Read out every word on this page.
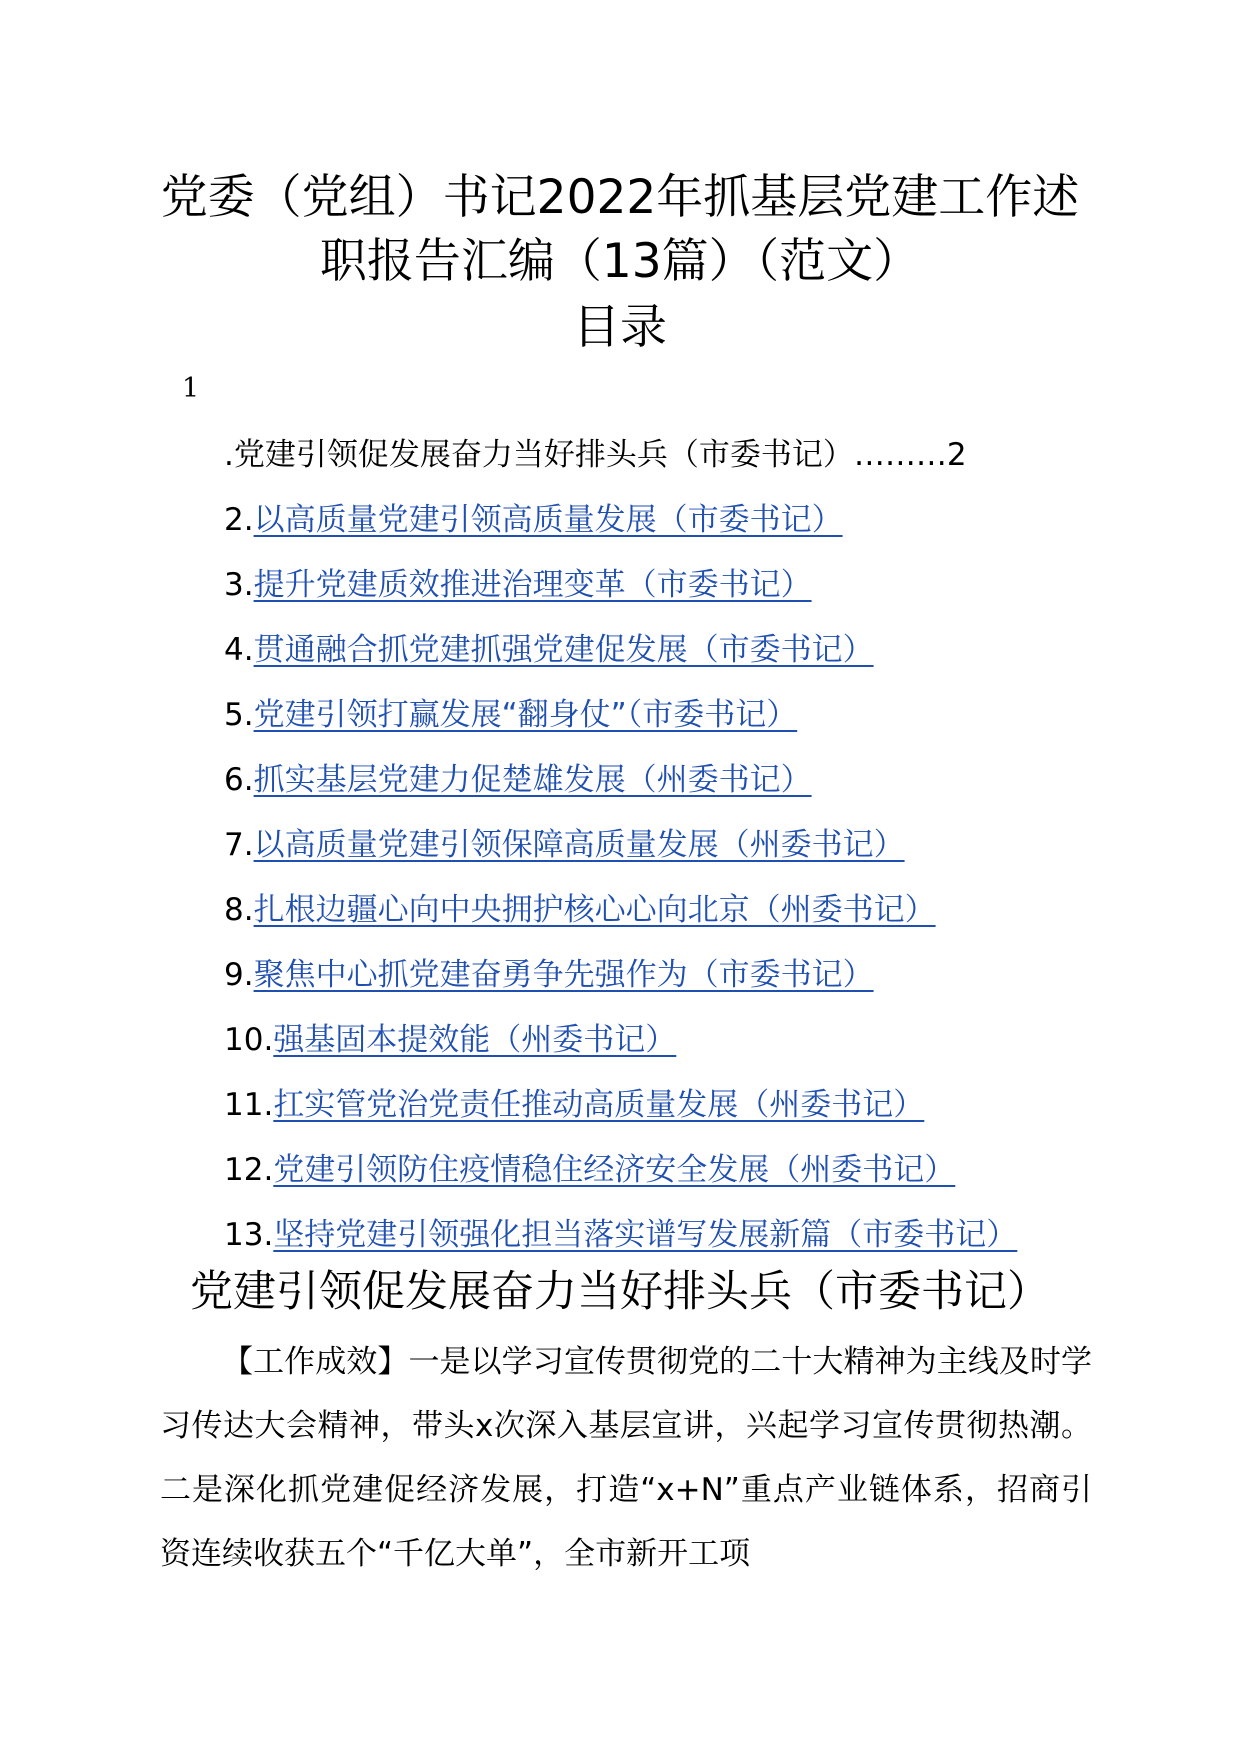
党委（党组）书记2022年抓基层党建工作述
职报告汇编（13篇）（范文）
目录
1
.党建引领促发展奋力当好排头兵（市委书记）………2
2.以高质量党建引领高质量发展（市委书记）
3.提升党建质效推进治理变革（市委书记）
4.贯通融合抓党建抓强党建促发展（市委书记）
5.党建引领打赢发展“翻身仗”（市委书记）
6.抓实基层党建力促楚雄发展（州委书记）
7.以高质量党建引领保障高质量发展（州委书记）
8.扎根边疆心向中央拥护核心心向北京（州委书记）
9.聚焦中心抓党建奋勇争先强作为（市委书记）
10.强基固本提效能（州委书记）
11.扛实管党治党责任推动高质量发展（州委书记）
12.党建引领防住疫情稳住经济安全发展（州委书记）
13.坚持党建引领强化担当落实谱写发展新篇（市委书记）
党建引领促发展奋力当好排头兵（市委书记）

【工作成效】一是以学习宣传贯彻党的二十大精神为主线及时学习传达大会精神，带头x次深入基层宣讲，兴起学习宣传贯彻热潮。二是深化抓党建促经济发展，打造“x+N”重点产业链体系，招商引资连续收获五个“千亿大单”，全市新开工项
